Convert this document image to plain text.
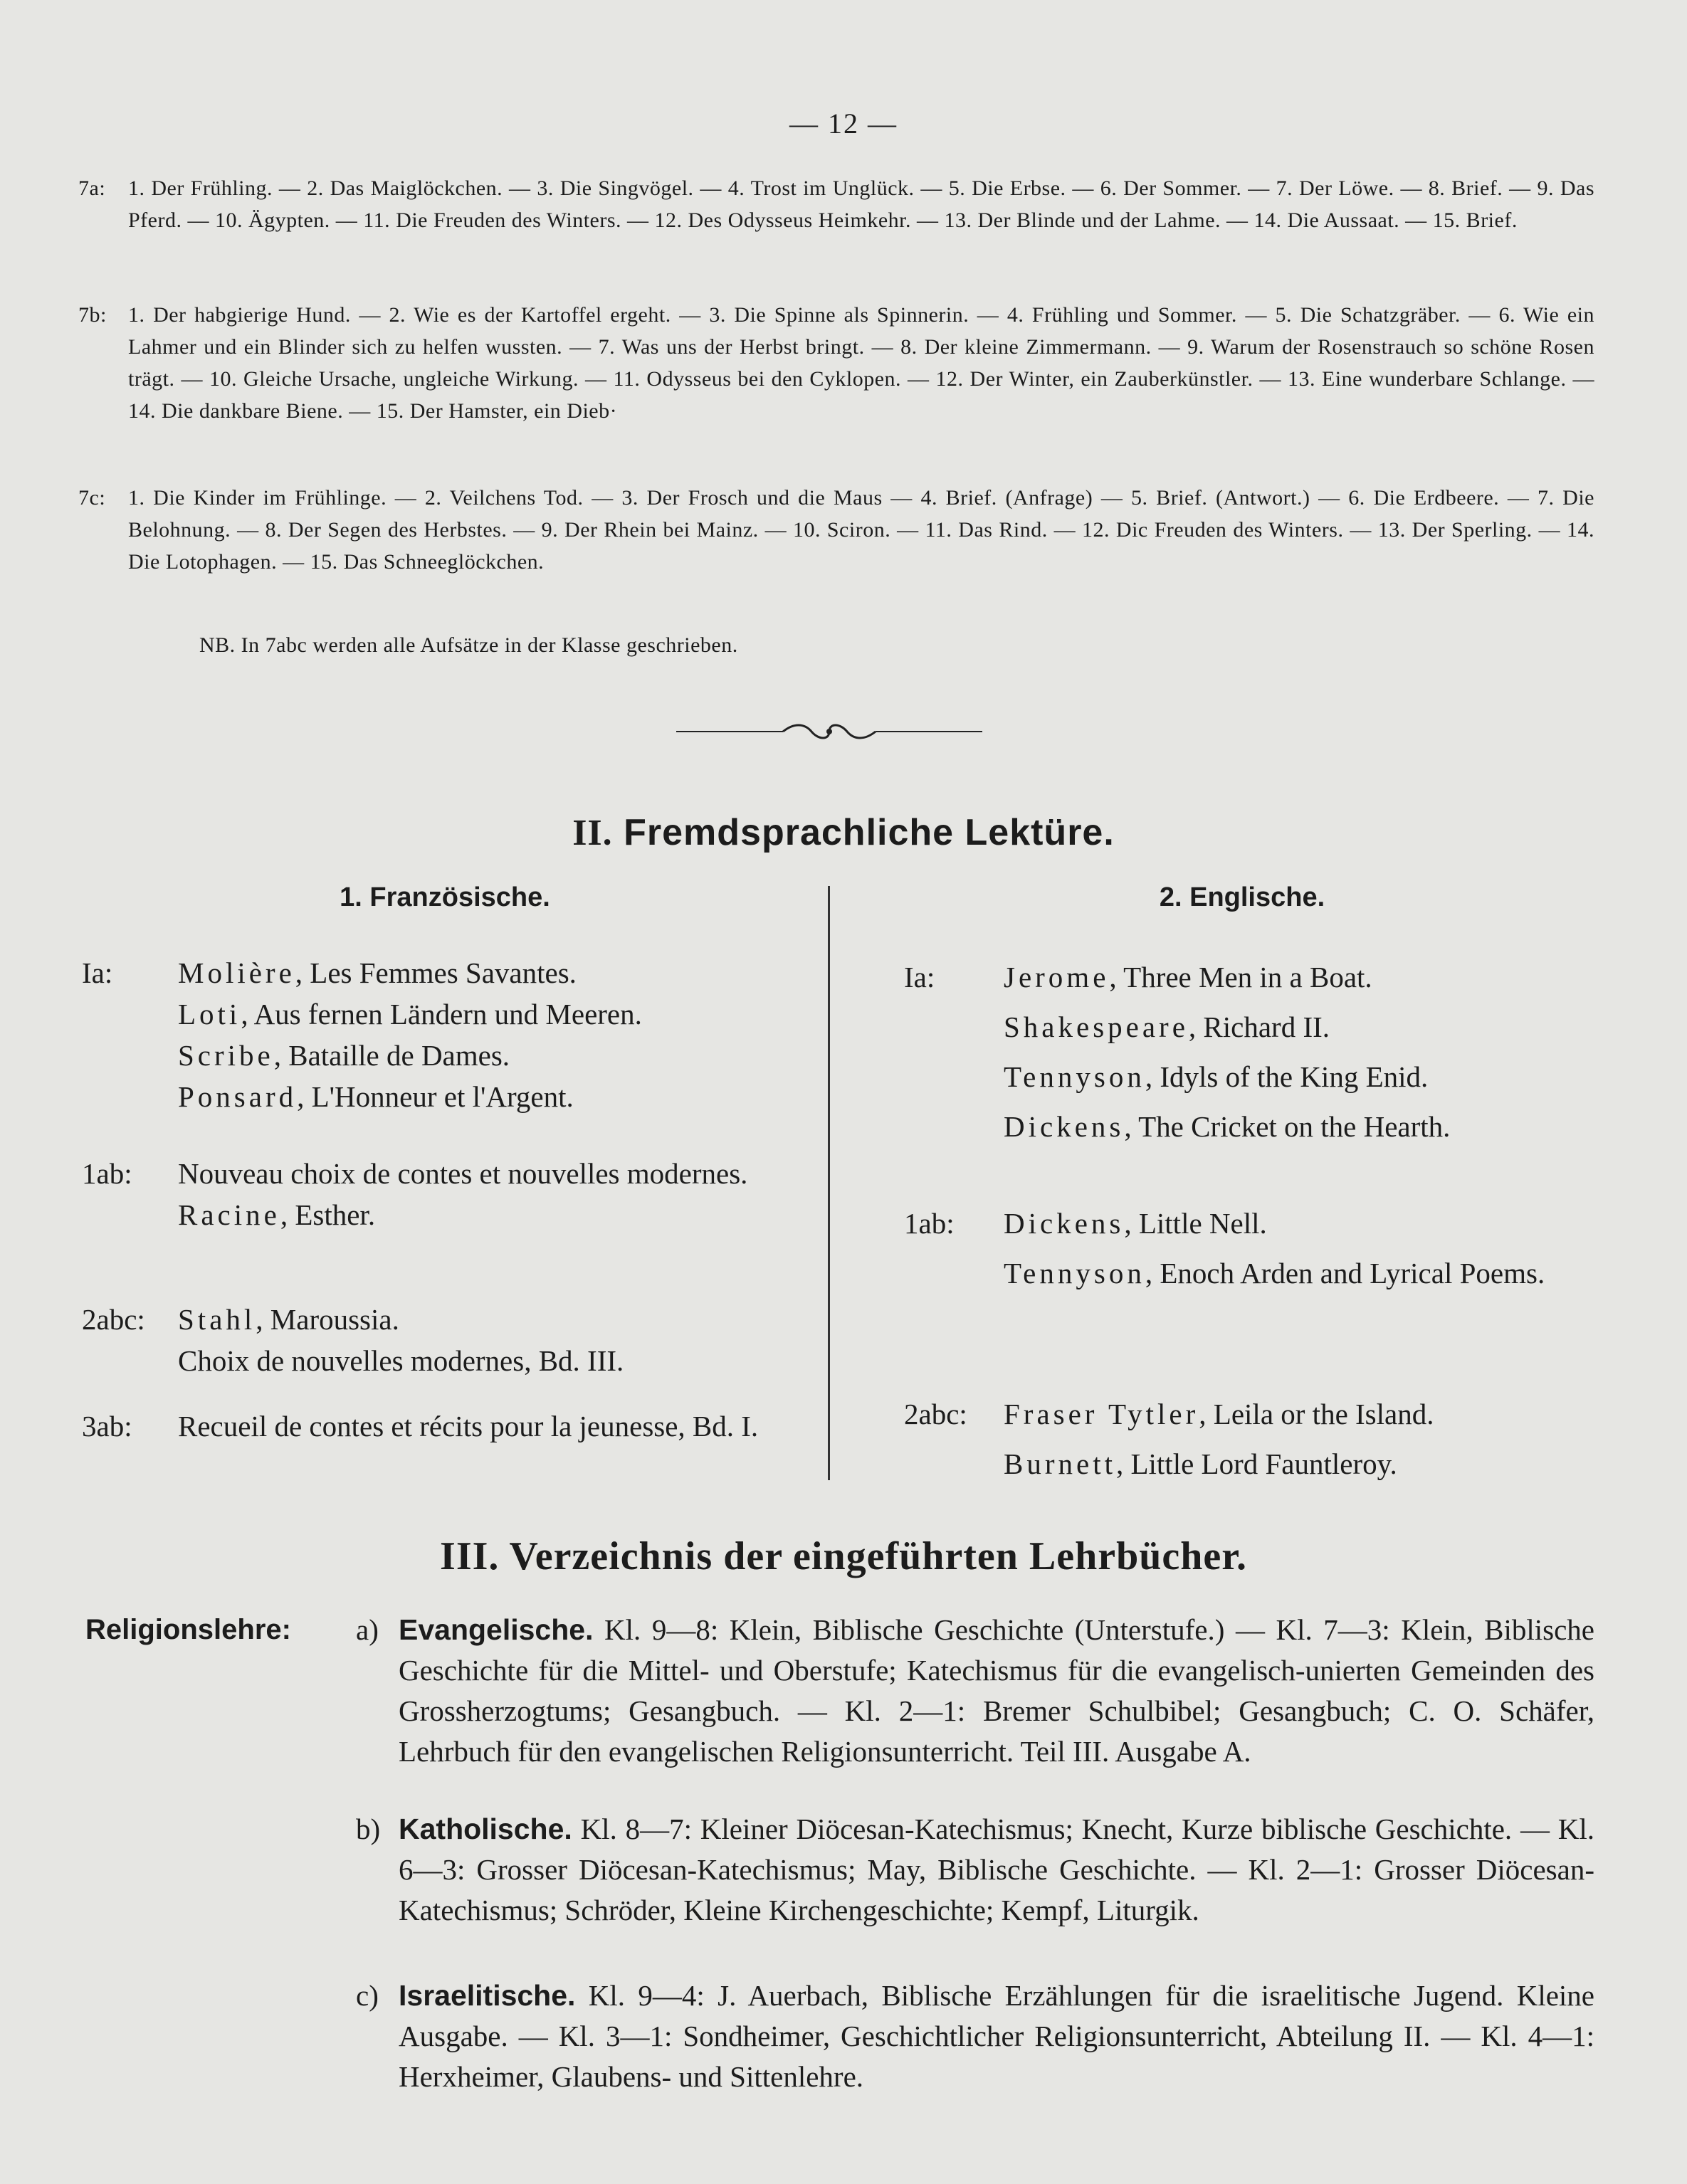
— 12 —
7a: 1. Der Frühling. — 2. Das Maiglöckchen. — 3. Die Singvögel. — 4. Trost im Unglück. — 5. Die Erbse. — 6. Der Sommer. — 7. Der Löwe. — 8. Brief. — 9. Das Pferd. — 10. Ägypten. — 11. Die Freuden des Winters. — 12. Des Odysseus Heimkehr. — 13. Der Blinde und der Lahme. — 14. Die Aussaat. — 15. Brief.
7b: 1. Der habgierige Hund. — 2. Wie es der Kartoffel ergeht. — 3. Die Spinne als Spinnerin. — 4. Frühling und Sommer. — 5. Die Schatzgräber. — 6. Wie ein Lahmer und ein Blinder sich zu helfen wussten. — 7. Was uns der Herbst bringt. — 8. Der kleine Zimmermann. — 9. Warum der Rosenstrauch so schöne Rosen trägt. — 10. Gleiche Ursache, ungleiche Wirkung. — 11. Odysseus bei den Cyklopen. — 12. Der Winter, ein Zauberkünstler. — 13. Eine wunderbare Schlange. — 14. Die dankbare Biene. — 15. Der Hamster, ein Dieb·
7c: 1. Die Kinder im Frühlinge. — 2. Veilchens Tod. — 3. Der Frosch und die Maus — 4. Brief. (Anfrage) — 5. Brief. (Antwort.) — 6. Die Erdbeere. — 7. Die Belohnung. — 8. Der Segen des Herbstes. — 9. Der Rhein bei Mainz. — 10. Sciron. — 11. Das Rind. — 12. Dic Freuden des Winters. — 13. Der Sperling. — 14. Die Lotophagen. — 15. Das Schneeglöckchen.
NB. In 7abc werden alle Aufsätze in der Klasse geschrieben.
II. Fremdsprachliche Lektüre.
1. Französische.	2. Englische.
Ia: Molière, Les Femmes Savantes.
Loti, Aus fernen Ländern und Meeren.
Scribe, Bataille de Dames.
Ponsard, L'Honneur et l'Argent.
1ab: Nouveau choix de contes et nouvelles modernes.
Racine, Esther.
2abc: Stahl, Maroussia.
Choix de nouvelles modernes, Bd. III.
3ab: Recueil de contes et récits pour la jeunesse, Bd. I.
Ia: Jerome, Three Men in a Boat.
Shakespeare, Richard II.
Tennyson, Idyls of the King Enid.
Dickens, The Cricket on the Hearth.
1ab: Dickens, Little Nell.
Tennyson, Enoch Arden and Lyrical Poems.
2abc: Fraser Tytler, Leila or the Island.
Burnett, Little Lord Fauntleroy.
III. Verzeichnis der eingeführten Lehrbücher.
Religionslehre: a) Evangelische. Kl. 9—8: Klein, Biblische Geschichte (Unterstufe.) — Kl. 7—3: Klein, Biblische Geschichte für die Mittel- und Oberstufe; Katechismus für die evangelisch-unierten Gemeinden des Grossherzogtums; Gesangbuch. — Kl. 2—1: Bremer Schulbibel; Gesangbuch; C. O. Schäfer, Lehrbuch für den evangelischen Religionsunterricht. Teil III. Ausgabe A.
b) Katholische. Kl. 8—7: Kleiner Diöcesan-Katechismus; Knecht, Kurze biblische Geschichte. — Kl. 6—3: Grosser Diöcesan-Katechismus; May, Biblische Geschichte. — Kl. 2—1: Grosser Diöcesan-Katechismus; Schröder, Kleine Kirchengeschichte; Kempf, Liturgik.
c) Israelitische. Kl. 9—4: J. Auerbach, Biblische Erzählungen für die israelitische Jugend. Kleine Ausgabe. — Kl. 3—1: Sondheimer, Geschichtlicher Religionsunterricht, Abteilung II. — Kl. 4—1: Herxheimer, Glaubens- und Sittenlehre.
